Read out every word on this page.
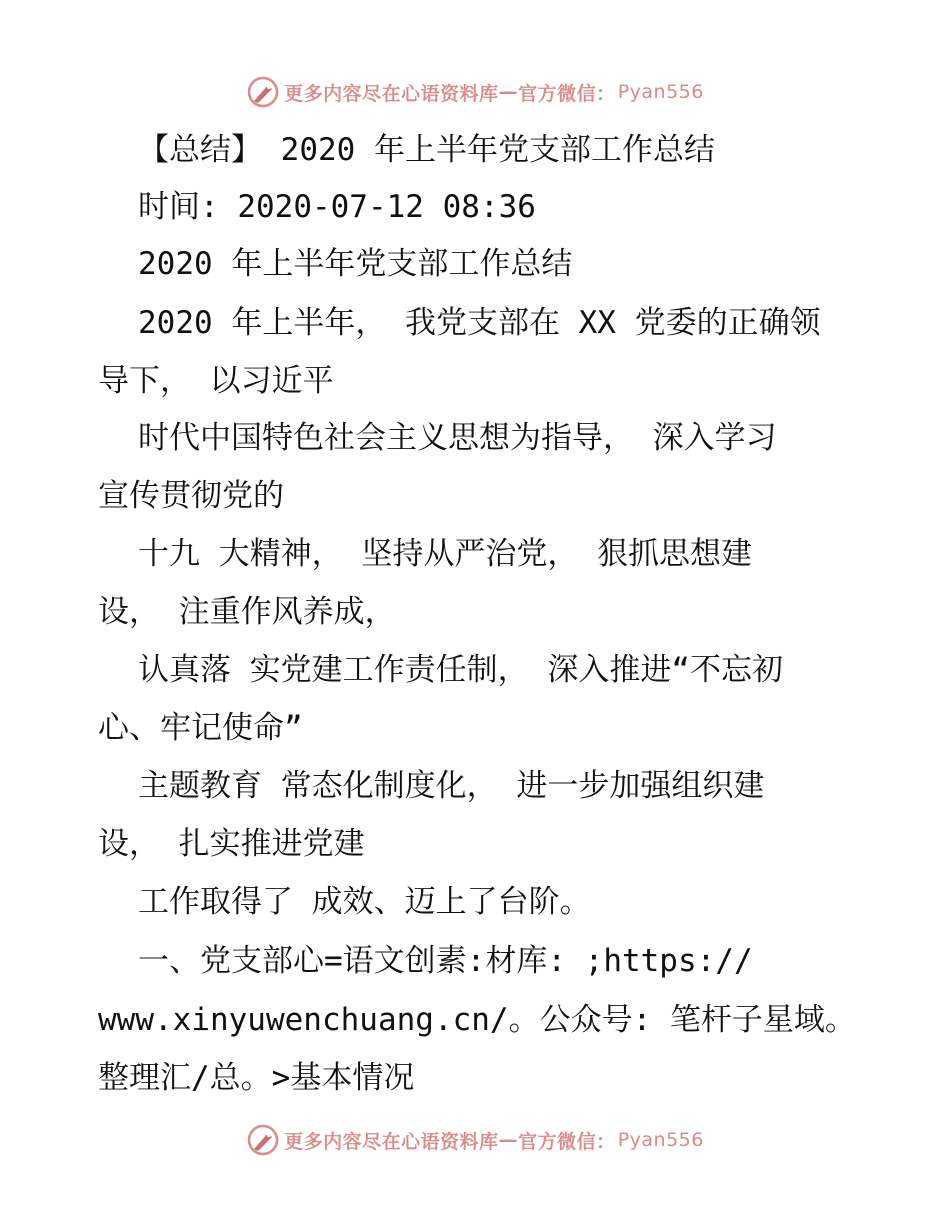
更多内容尽在心语资料库 — 官方微信： Pyan556
【总结】 2020 年上半年党支部工作总结
时间: 2020-07-12 08:36
2020 年上半年党支部工作总结
2020 年上半年， 我党支部在 XX 党委的正确领
导下， 以习近平
时代中国特色社会主义思想为指导， 深入学习
宣传贯彻党的
十九 大精神， 坚持从严治党， 狠抓思想建
设， 注重作风养成，
认真落 实党建工作责任制， 深入推进“不忘初
心、牢记使命”
主题教育 常态化制度化， 进一步加强组织建
设， 扎实推进党建
工作取得了 成效、迈上了台阶。
一、党支部心=语文创素:材库: ;https://
www.xinyuwenchuang.cn/。公众号: 笔杆子星域。
整理汇/总。>基本情况
更多内容尽在心语资料库 — 官方微信： Pyan556
